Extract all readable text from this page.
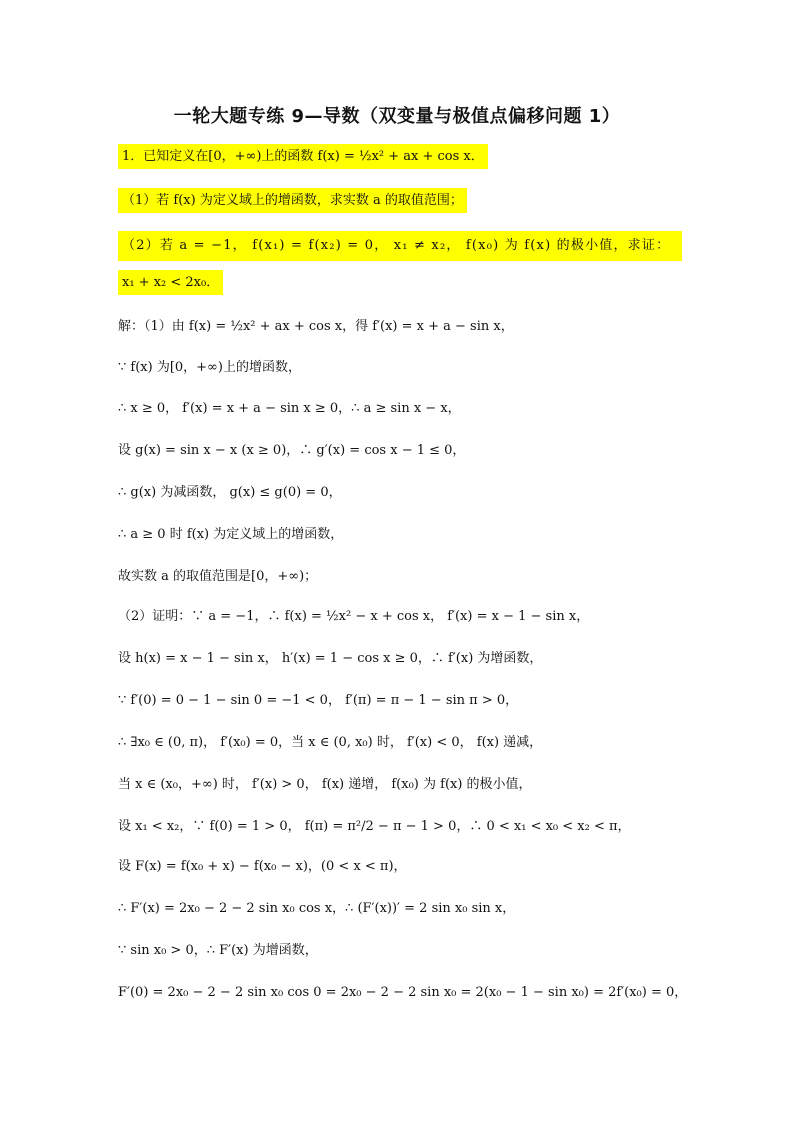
一轮大题专练 9—导数（双变量与极值点偏移问题 1）
1．已知定义在[0，+∞)上的函数 f(x) = ½x² + ax + cos x．
（1）若 f(x) 为定义域上的增函数，求实数 a 的取值范围；
（2）若 a = −1， f(x₁) = f(x₂) = 0， x₁ ≠ x₂， f(x₀) 为 f(x) 的极小值，求证：
x₁ + x₂ < 2x₀．
解：（1）由 f(x) = ½x² + ax + cos x，得 f′(x) = x + a − sin x，
∵ f(x) 为[0，+∞)上的增函数，
∴ x ≥ 0， f′(x) = x + a − sin x ≥ 0，∴ a ≥ sin x − x，
设 g(x) = sin x − x (x ≥ 0)，∴ g′(x) = cos x − 1 ≤ 0，
∴ g(x) 为减函数， g(x) ≤ g(0) = 0，
∴ a ≥ 0 时 f(x) 为定义域上的增函数，
故实数 a 的取值范围是[0，+∞)；
（2）证明：∵ a = −1，∴ f(x) = ½x² − x + cos x， f′(x) = x − 1 − sin x，
设 h(x) = x − 1 − sin x， h′(x) = 1 − cos x ≥ 0，∴ f′(x) 为增函数，
∵ f′(0) = 0 − 1 − sin 0 = −1 < 0， f′(π) = π − 1 − sin π > 0，
∴ ∃x₀ ∈ (0, π)， f′(x₀) = 0，当 x ∈ (0, x₀) 时， f′(x) < 0， f(x) 递减，
当 x ∈ (x₀，+∞) 时， f′(x) > 0， f(x) 递增， f(x₀) 为 f(x) 的极小值，
设 x₁ < x₂，∵ f(0) = 1 > 0， f(π) = π²/2 − π − 1 > 0，∴ 0 < x₁ < x₀ < x₂ < π，
设 F(x) = f(x₀ + x) − f(x₀ − x)，(0 < x < π)，
∴ F′(x) = 2x₀ − 2 − 2 sin x₀ cos x，∴ (F′(x))′ = 2 sin x₀ sin x，
∵ sin x₀ > 0，∴ F′(x) 为增函数，
F′(0) = 2x₀ − 2 − 2 sin x₀ cos 0 = 2x₀ − 2 − 2 sin x₀ = 2(x₀ − 1 − sin x₀) = 2f′(x₀) = 0，
